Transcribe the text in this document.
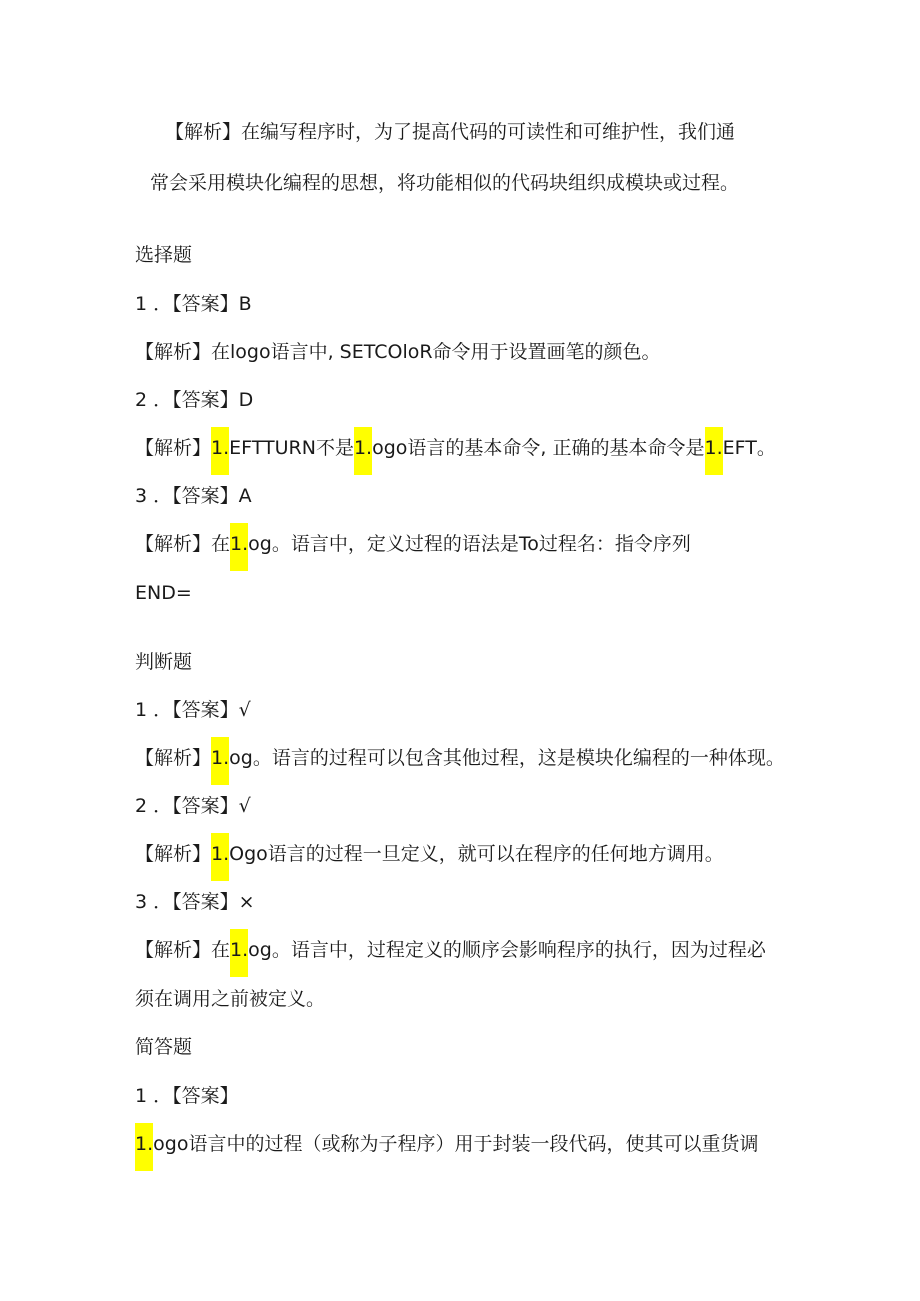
【解析】在编写程序时，为了提高代码的可读性和可维护性，我们通
常会采用模块化编程的思想，将功能相似的代码块组织成模块或过程。
选择题
1 ．【答案】B
【解析】在logo语言中, SETCOloR命令用于设置画笔的颜色。
2 ．【答案】D
【解析】1.EFTTURN不是1.ogo语言的基本命令, 正确的基本命令是1.EFT。
3 ．【答案】A
【解析】在1.og。语言中，定义过程的语法是To过程名：指令序列
END=
判断题
1 ．【答案】√
【解析】1.og。语言的过程可以包含其他过程，这是模块化编程的一种体现。
2 ．【答案】√
【解析】1.Ogo语言的过程一旦定义，就可以在程序的任何地方调用。
3 ．【答案】×
【解析】在1.og。语言中，过程定义的顺序会影响程序的执行，因为过程必
须在调用之前被定义。
简答题
1 ．【答案】
1.ogo语言中的过程（或称为子程序）用于封装一段代码，使其可以重货调
